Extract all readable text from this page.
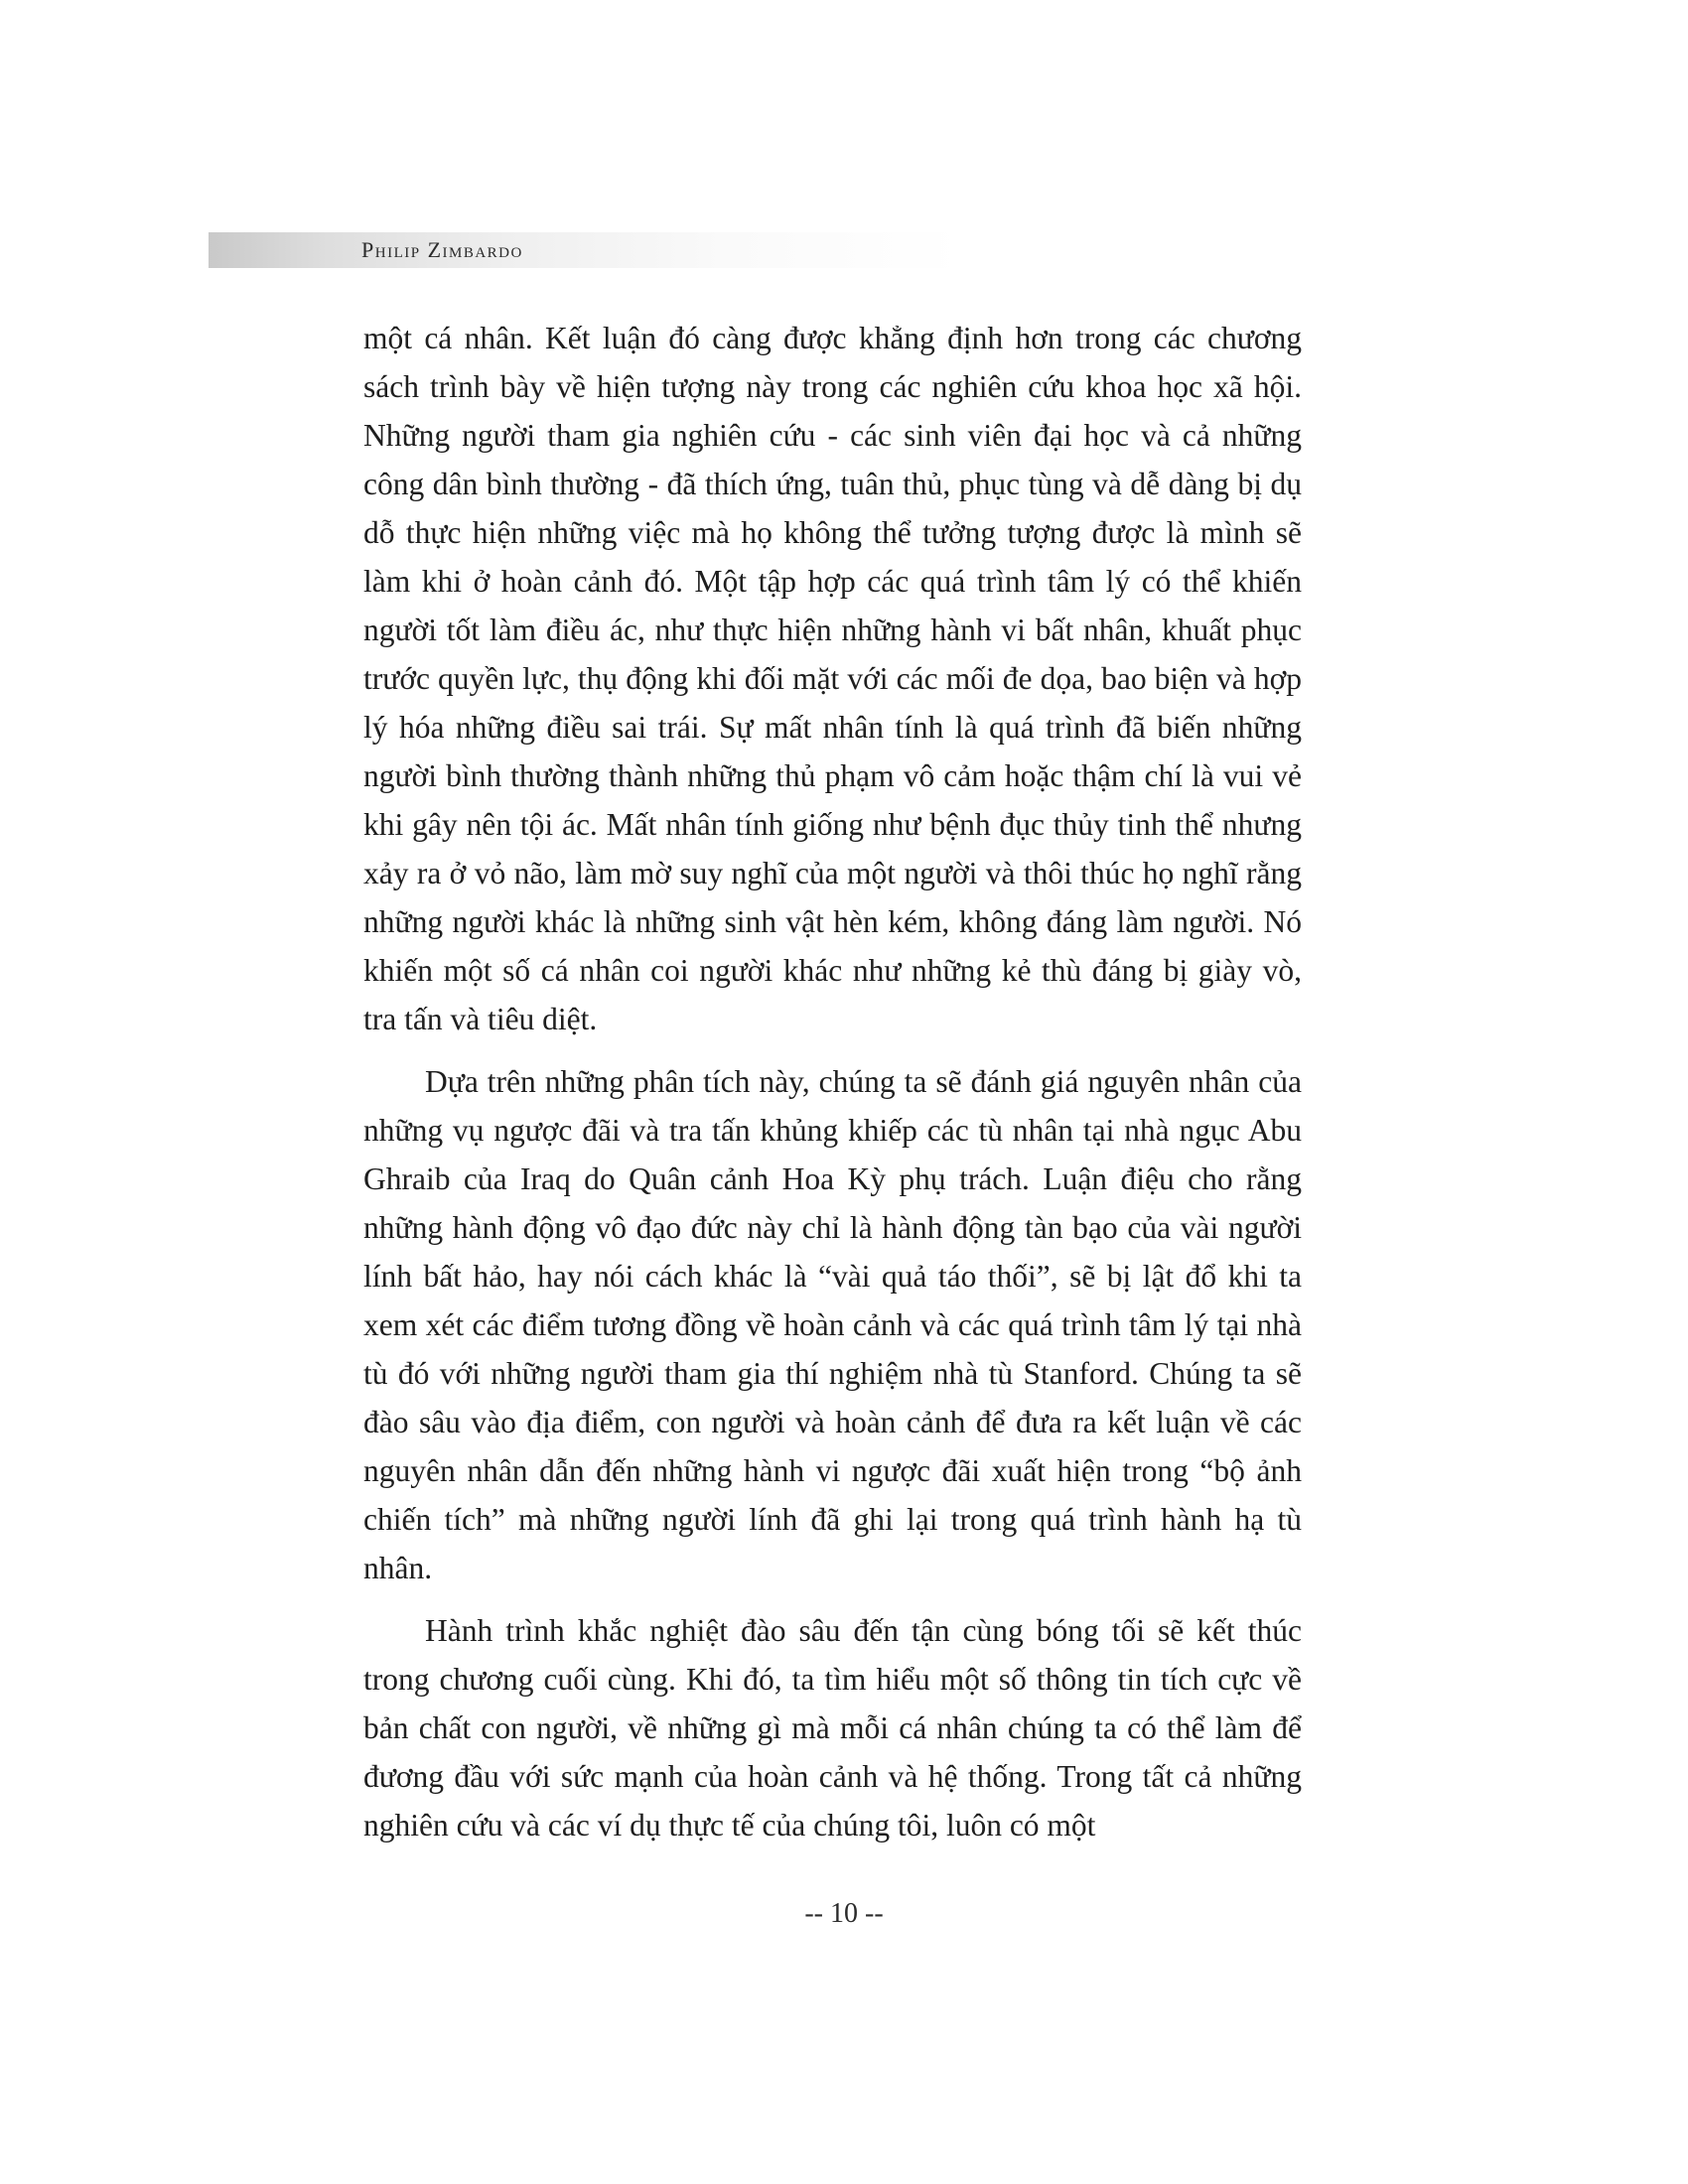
Philip Zimbardo

một cá nhân. Kết luận đó càng được khẳng định hơn trong các chương sách trình bày về hiện tượng này trong các nghiên cứu khoa học xã hội. Những người tham gia nghiên cứu - các sinh viên đại học và cả những công dân bình thường - đã thích ứng, tuân thủ, phục tùng và dễ dàng bị dụ dỗ thực hiện những việc mà họ không thể tưởng tượng được là mình sẽ làm khi ở hoàn cảnh đó. Một tập hợp các quá trình tâm lý có thể khiến người tốt làm điều ác, như thực hiện những hành vi bất nhân, khuất phục trước quyền lực, thụ động khi đối mặt với các mối đe dọa, bao biện và hợp lý hóa những điều sai trái. Sự mất nhân tính là quá trình đã biến những người bình thường thành những thủ phạm vô cảm hoặc thậm chí là vui vẻ khi gây nên tội ác. Mất nhân tính giống như bệnh đục thủy tinh thể nhưng xảy ra ở vỏ não, làm mờ suy nghĩ của một người và thôi thúc họ nghĩ rằng những người khác là những sinh vật hèn kém, không đáng làm người. Nó khiến một số cá nhân coi người khác như những kẻ thù đáng bị giày vò, tra tấn và tiêu diệt.

Dựa trên những phân tích này, chúng ta sẽ đánh giá nguyên nhân của những vụ ngược đãi và tra tấn khủng khiếp các tù nhân tại nhà ngục Abu Ghraib của Iraq do Quân cảnh Hoa Kỳ phụ trách. Luận điệu cho rằng những hành động vô đạo đức này chỉ là hành động tàn bạo của vài người lính bất hảo, hay nói cách khác là “vài quả táo thối”, sẽ bị lật đổ khi ta xem xét các điểm tương đồng về hoàn cảnh và các quá trình tâm lý tại nhà tù đó với những người tham gia thí nghiệm nhà tù Stanford. Chúng ta sẽ đào sâu vào địa điểm, con người và hoàn cảnh để đưa ra kết luận về các nguyên nhân dẫn đến những hành vi ngược đãi xuất hiện trong “bộ ảnh chiến tích” mà những người lính đã ghi lại trong quá trình hành hạ tù nhân.

Hành trình khắc nghiệt đào sâu đến tận cùng bóng tối sẽ kết thúc trong chương cuối cùng. Khi đó, ta tìm hiểu một số thông tin tích cực về bản chất con người, về những gì mà mỗi cá nhân chúng ta có thể làm để đương đầu với sức mạnh của hoàn cảnh và hệ thống. Trong tất cả những nghiên cứu và các ví dụ thực tế của chúng tôi, luôn có một

-- 10 --
